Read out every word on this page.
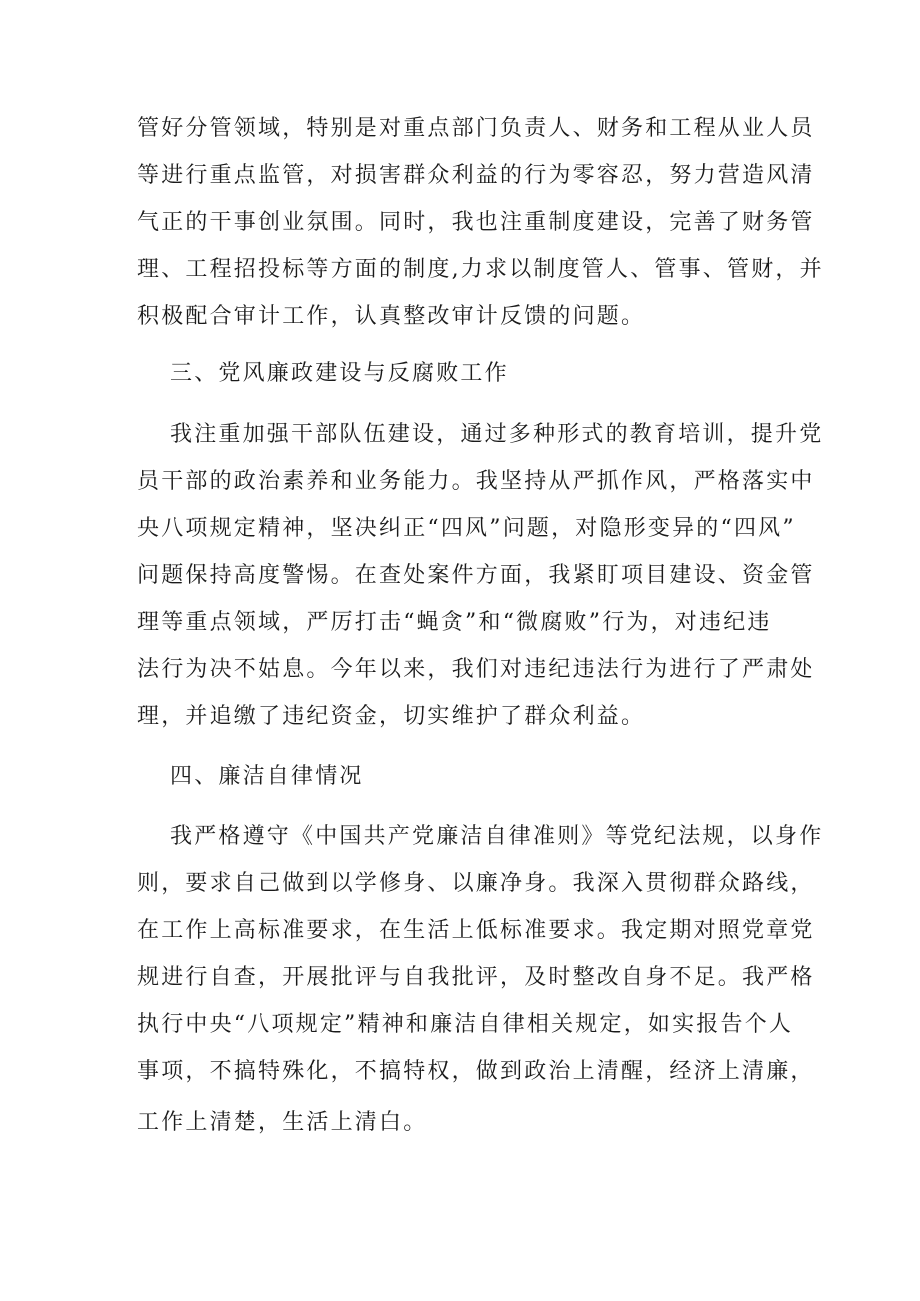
管好分管领域，特别是对重点部门负责人、财务和工程从业人员
等进行重点监管，对损害群众利益的行为零容忍，努力营造风清
气正的干事创业氛围。同时，我也注重制度建设，完善了财务管
理、工程招投标等方面的制度,力求以制度管人、管事、管财，并
积极配合审计工作，认真整改审计反馈的问题。
三、党风廉政建设与反腐败工作
我注重加强干部队伍建设，通过多种形式的教育培训，提升党
员干部的政治素养和业务能力。我坚持从严抓作风，严格落实中
央八项规定精神，坚决纠正“四风”问题，对隐形变异的“四风”
问题保持高度警惕。在查处案件方面，我紧盯项目建设、资金管
理等重点领域，严厉打击“蝇贪”和“微腐败”行为，对违纪违
法行为决不姑息。今年以来，我们对违纪违法行为进行了严肃处
理，并追缴了违纪资金，切实维护了群众利益。
四、廉洁自律情况
我严格遵守《中国共产党廉洁自律准则》等党纪法规，以身作
则，要求自己做到以学修身、以廉净身。我深入贯彻群众路线，
在工作上高标准要求，在生活上低标准要求。我定期对照党章党
规进行自查，开展批评与自我批评，及时整改自身不足。我严格
执行中央“八项规定”精神和廉洁自律相关规定，如实报告个人
事项，不搞特殊化，不搞特权，做到政治上清醒，经济上清廉，
工作上清楚，生活上清白。
